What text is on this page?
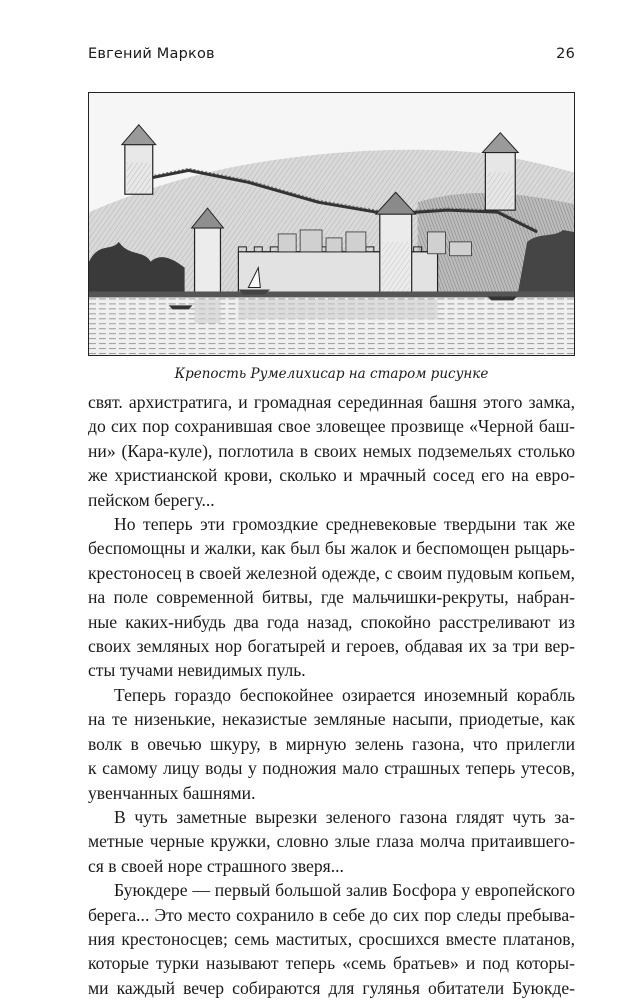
Евгений Марков	26
Крепость Румелихисар на старом рисунке

свят. архистратига, и громадная серединная башня этого замка,
до сих пор сохранившая свое зловещее прозвище «Черной баш-
ни» (Кара-куле), поглотила в своих немых подземельях столько
же христианской крови, сколько и мрачный сосед его на евро-
пейском берегу...

Но теперь эти громоздкие средневековые твердыни так же
беспомощны и жалки, как был бы жалок и беспомощен рыцарь-
крестоносец в своей железной одежде, с своим пудовым копьем,
на поле современной битвы, где мальчишки-рекруты, набран-
ные каких-нибудь два года назад, спокойно расстреливают из
своих земляных нор богатырей и героев, обдавая их за три вер-
сты тучами невидимых пуль.

Теперь гораздо беспокойнее озирается иноземный корабль
на те низенькие, неказистые земляные насыпи, приодетые, как
волк в овечью шкуру, в мирную зелень газона, что прилегли
к самому лицу воды у подножия мало страшных теперь утесов,
увенчанных башнями.

В чуть заметные вырезки зеленого газона глядят чуть за-
метные черные кружки, словно злые глаза молча притаившего-
ся в своей норе страшного зверя...

Буюкдере — первый большой залив Босфора у европейского
берега... Это место сохранило в себе до сих пор следы пребыва-
ния крестоносцев; семь маститых, сросшихся вместе платанов,
которые турки называют теперь «семь братьев» и под которы-
ми каждый вечер собираются для гулянья обитатели Буюкде-
